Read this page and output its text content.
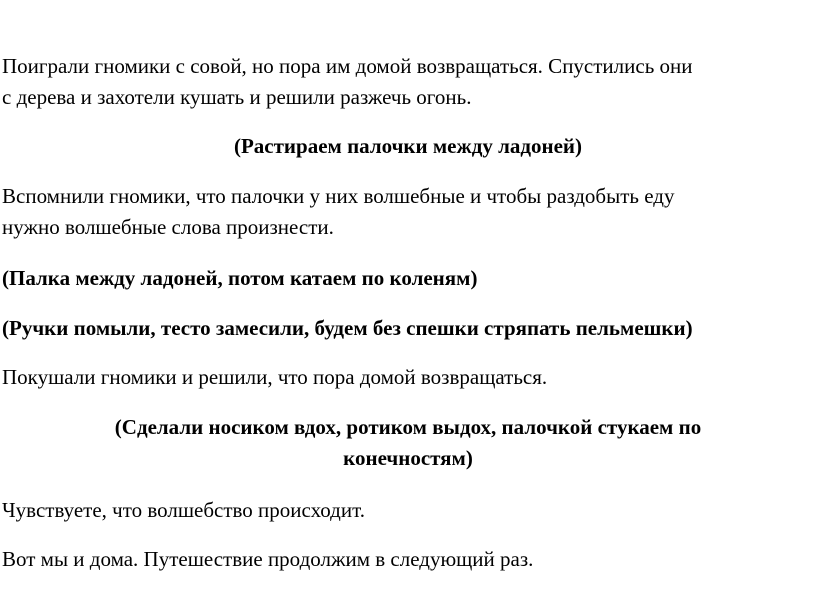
Поиграли гномики с совой, но пора им домой возвращаться. Спустились они
с дерева и захотели кушать и решили разжечь огонь.

(Растираем палочки между ладоней)

Вспомнили гномики, что палочки у них волшебные и чтобы раздобыть еду
нужно волшебные слова произнести.

(Палка между ладоней, потом катаем по коленям)

(Ручки помыли, тесто замесили, будем без спешки стряпать пельмешки)

Покушали гномики и решили, что пора домой возвращаться.

(Сделали носиком вдох, ротиком выдох, палочкой стукаем по
конечностям)

Чувствуете, что волшебство происходит.

Вот мы и дома. Путешествие продолжим в следующий раз.
